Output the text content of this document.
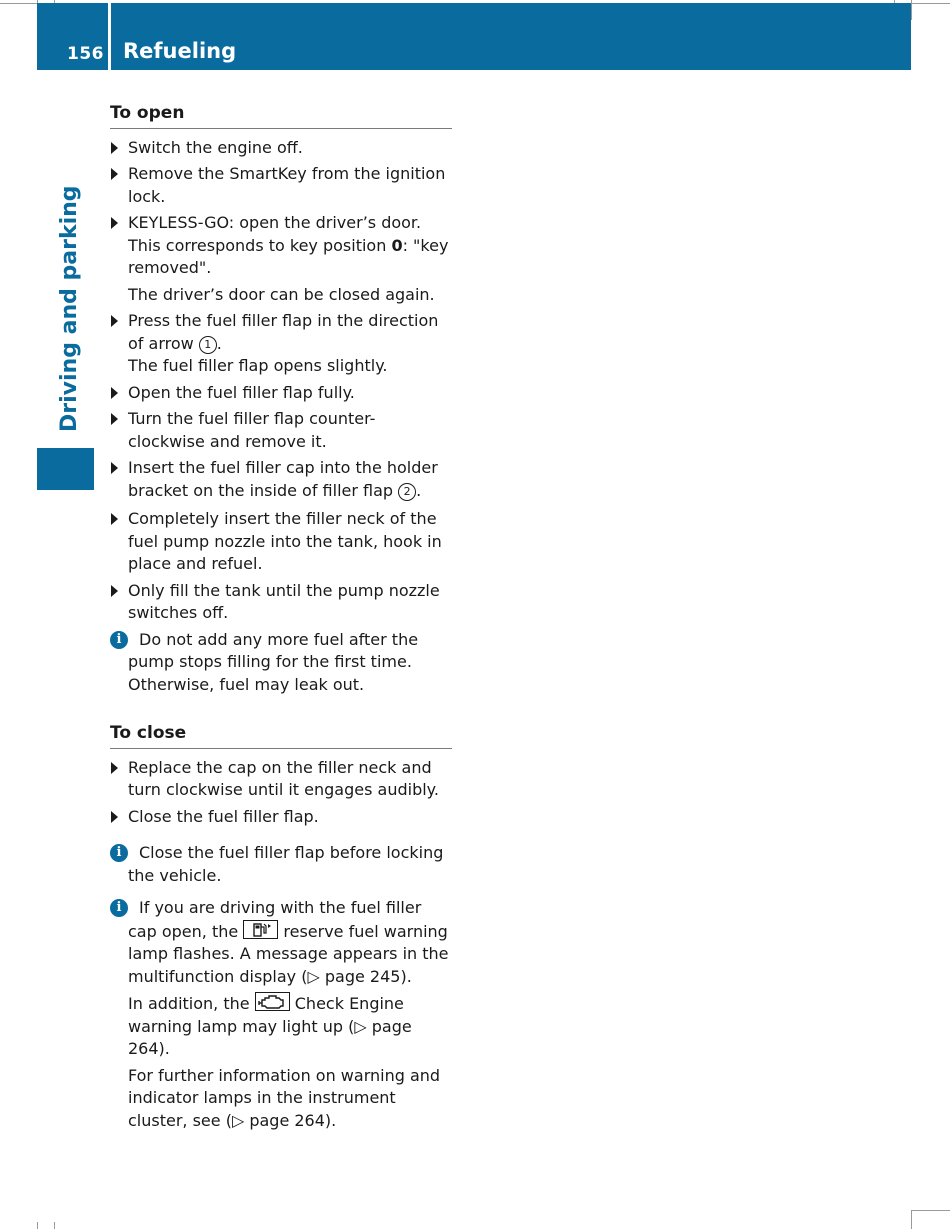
156 Refueling
Driving and parking
To open
Switch the engine off.
Remove the SmartKey from the ignition lock.
KEYLESS-GO: open the driver’s door.
This corresponds to key position 0: "key removed".
The driver’s door can be closed again.
Press the fuel filler flap in the direction of arrow 1 .
The fuel filler flap opens slightly.
Open the fuel filler flap fully.
Turn the fuel filler flap counter-clockwise and remove it.
Insert the fuel filler cap into the holder bracket on the inside of filler flap 2 .
Completely insert the filler neck of the fuel pump nozzle into the tank, hook in place and refuel.
Only fill the tank until the pump nozzle switches off.
i	Do not add any more fuel after the pump stops filling for the first time. Otherwise, fuel may leak out.
To close
Replace the cap on the filler neck and turn clockwise until it engages audibly.
Close the fuel filler flap.
i	Close the fuel filler flap before locking the vehicle.
i	If you are driving with the fuel filler cap open, the
reserve fuel warning lamp flashes. A message appears in the multifunction display (▷ page 245).
In addition, the
Check Engine warning lamp may light up (▷ page 264).
For further information on warning and indicator lamps in the instrument cluster, see (▷ page 264).
